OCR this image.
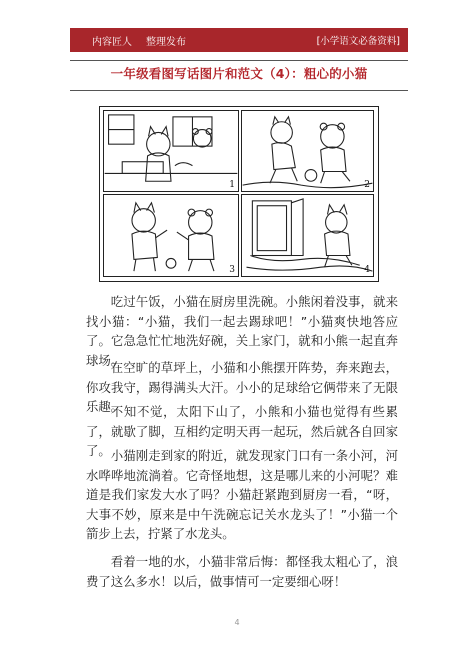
内容匠人 整理发布	[小学语文必备资料]
一年级看图写话图片和范文（4）：粗心的小猫
1	2
3	4

吃过午饭，小猫在厨房里洗碗。小熊闲着没事，就来找小猫：“小猫，我们一起去踢球吧！”小猫爽快地答应了。它急急忙忙地洗好碗，关上家门，就和小熊一起直奔球场。

在空旷的草坪上，小猫和小熊摆开阵势，奔来跑去，你攻我守，踢得满头大汗。小小的足球给它俩带来了无限乐趣。

不知不觉，太阳下山了，小熊和小猫也觉得有些累了，就歇了脚，互相约定明天再一起玩，然后就各自回家了。 小猫刚走到家的附近，就发现家门口有一条小河，河水哗哗地流淌着。它奇怪地想，这是哪儿来的小河呢？难道是我们家发大水了吗？小猫赶紧跑到厨房一看，“呀，大事不妙，原来是中午洗碗忘记关水龙头了！”小猫一个箭步上去，拧紧了水龙头。

看着一地的水，小猫非常后悔：都怪我太粗心了，浪费了这么多水！以后，做事情可一定要细心呀！

4
